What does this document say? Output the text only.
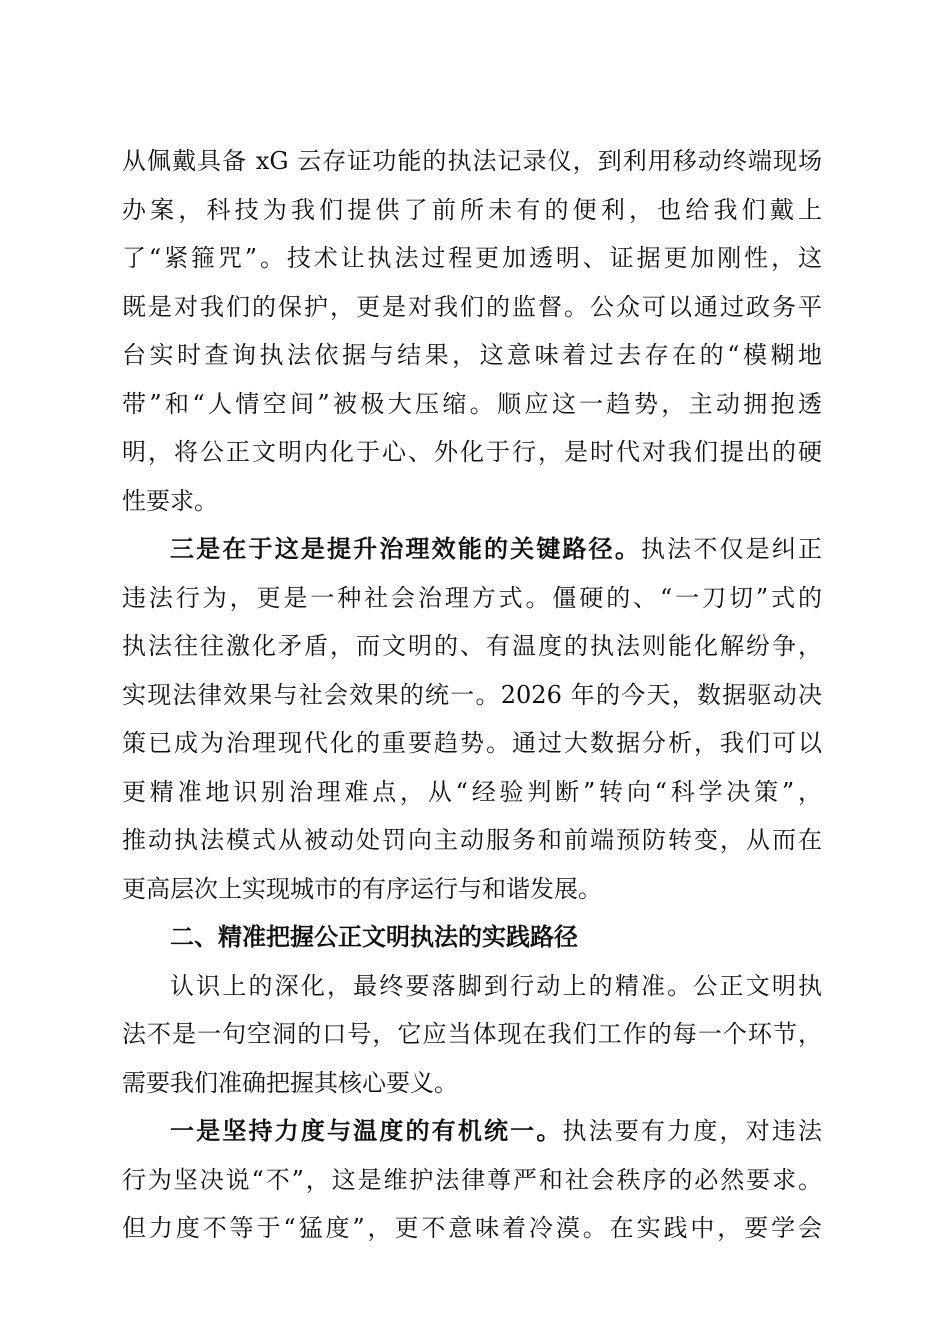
从佩戴具备 xG 云存证功能的执法记录仪，到利用移动终端现场
办案，科技为我们提供了前所未有的便利，也给我们戴上
了“紧箍咒”。技术让执法过程更加透明、证据更加刚性，这
既是对我们的保护，更是对我们的监督。公众可以通过政务平
台实时查询执法依据与结果，这意味着过去存在的“模糊地
带”和“人情空间”被极大压缩。顺应这一趋势，主动拥抱透
明，将公正文明内化于心、外化于行，是时代对我们提出的硬
性要求。
三是在于这是提升治理效能的关键路径。执法不仅是纠正
违法行为，更是一种社会治理方式。僵硬的、“一刀切”式的
执法往往激化矛盾，而文明的、有温度的执法则能化解纷争，
实现法律效果与社会效果的统一。2026 年的今天，数据驱动决
策已成为治理现代化的重要趋势。通过大数据分析，我们可以
更精准地识别治理难点，从“经验判断”转向“科学决策”，
推动执法模式从被动处罚向主动服务和前端预防转变，从而在
更高层次上实现城市的有序运行与和谐发展。
二、精准把握公正文明执法的实践路径
认识上的深化，最终要落脚到行动上的精准。公正文明执
法不是一句空洞的口号，它应当体现在我们工作的每一个环节，
需要我们准确把握其核心要义。
一是坚持力度与温度的有机统一。执法要有力度，对违法
行为坚决说“不”，这是维护法律尊严和社会秩序的必然要求。
但力度不等于“猛度”，更不意味着冷漠。在实践中，要学会
